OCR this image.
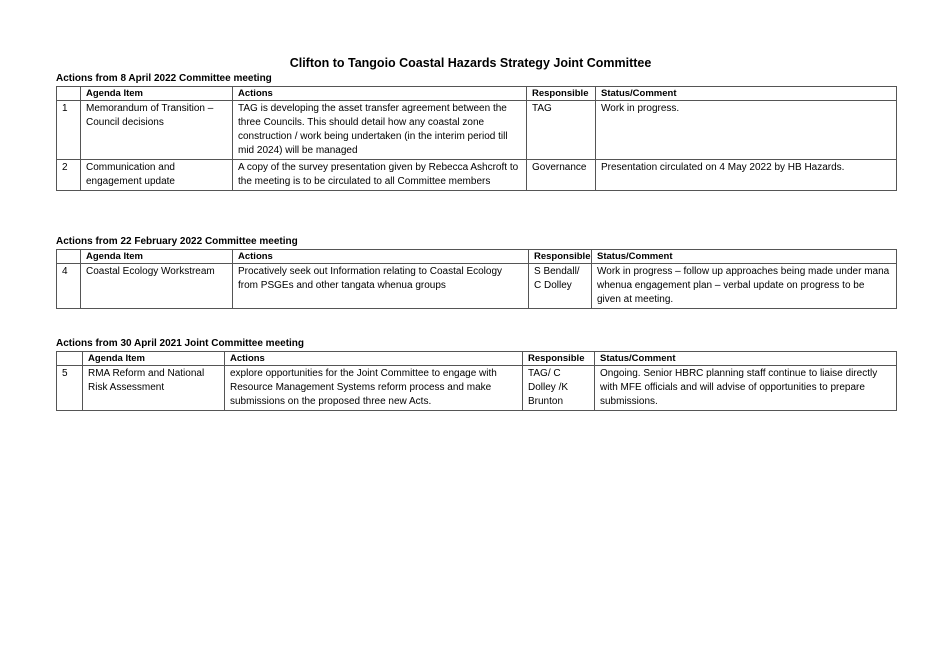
Clifton to Tangoio Coastal Hazards Strategy Joint Committee
Actions from 8 April 2022 Committee meeting
	Agenda Item	Actions	Responsible	Status/Comment
1	Memorandum of Transition – Council decisions	TAG is developing the asset transfer agreement between the three Councils. This should detail how any coastal zone construction / work being undertaken (in the interim period till mid 2024) will be managed	TAG	Work in progress.
2	Communication and engagement update	A copy of the survey presentation given by Rebecca Ashcroft to the meeting is to be circulated to all Committee members	Governance	Presentation circulated on 4 May 2022 by HB Hazards.
Actions from 22 February 2022 Committee meeting
	Agenda Item	Actions	Responsible	Status/Comment
4	Coastal Ecology Workstream	Procatively seek out Information relating to Coastal Ecology from PSGEs and other tangata whenua groups	S Bendall/ C Dolley	Work in progress – follow up approaches being made under mana whenua engagement plan – verbal update on progress to be given at meeting.
Actions from 30 April 2021 Joint Committee meeting
	Agenda Item	Actions	Responsible	Status/Comment
5	RMA Reform and National Risk Assessment	explore opportunities for the Joint Committee to engage with Resource Management Systems reform process and make submissions on the proposed three new Acts.	TAG/ C Dolley /K Brunton	Ongoing. Senior HBRC planning staff continue to liaise directly with MFE officials and will advise of opportunities to prepare submissions.
